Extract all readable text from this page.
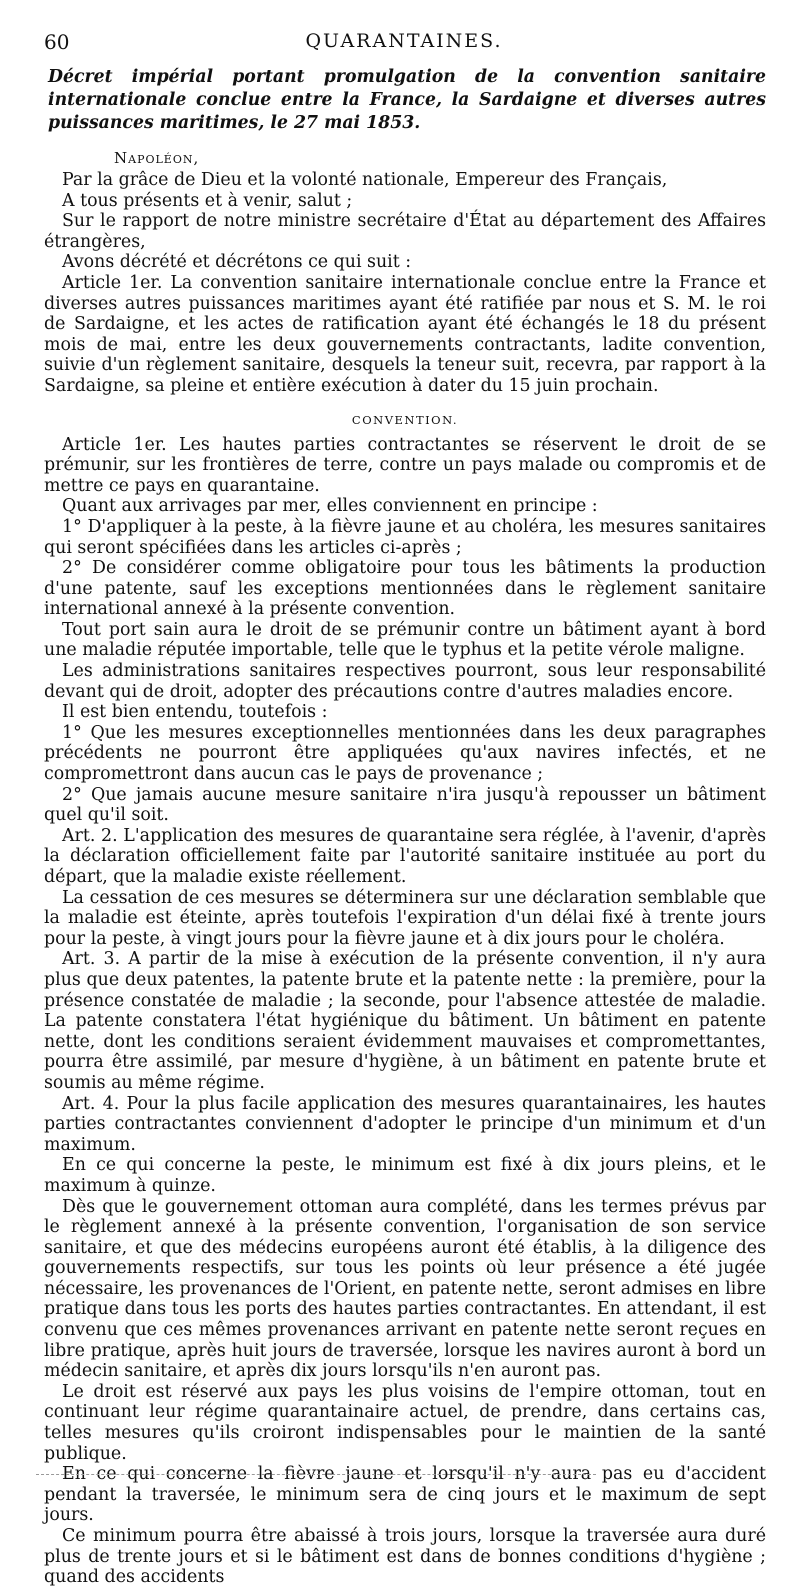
60	QUARANTAINES.
Décret impérial portant promulgation de la convention sanitaire internationale conclue entre la France, la Sardaigne et diverses autres puissances maritimes, le 27 mai 1853.
Napoléon,

Par la grâce de Dieu et la volonté nationale, Empereur des Français,

A tous présents et à venir, salut ;

Sur le rapport de notre ministre secrétaire d'État au département des Affaires étrangères,

Avons décrété et décrétons ce qui suit :

Article 1er. La convention sanitaire internationale conclue entre la France et diverses autres puissances maritimes ayant été ratifiée par nous et S. M. le roi de Sardaigne, et les actes de ratification ayant été échangés le 18 du présent mois de mai, entre les deux gouvernements contractants, ladite convention, suivie d'un règlement sanitaire, desquels la teneur suit, recevra, par rapport à la Sardaigne, sa pleine et entière exécution à dater du 15 juin prochain.

CONVENTION.

Article 1er. Les hautes parties contractantes se réservent le droit de se prémunir, sur les frontières de terre, contre un pays malade ou compromis et de mettre ce pays en quarantaine.

Quant aux arrivages par mer, elles conviennent en principe :

1° D'appliquer à la peste, à la fièvre jaune et au choléra, les mesures sanitaires qui seront spécifiées dans les articles ci-après ;

2° De considérer comme obligatoire pour tous les bâtiments la production d'une patente, sauf les exceptions mentionnées dans le règlement sanitaire international annexé à la présente convention.

Tout port sain aura le droit de se prémunir contre un bâtiment ayant à bord une maladie réputée importable, telle que le typhus et la petite vérole maligne.

Les administrations sanitaires respectives pourront, sous leur responsabilité devant qui de droit, adopter des précautions contre d'autres maladies encore.

Il est bien entendu, toutefois :

1° Que les mesures exceptionnelles mentionnées dans les deux paragraphes précédents ne pourront être appliquées qu'aux navires infectés, et ne compromettront dans aucun cas le pays de provenance ;

2° Que jamais aucune mesure sanitaire n'ira jusqu'à repousser un bâtiment quel qu'il soit.

Art. 2. L'application des mesures de quarantaine sera réglée, à l'avenir, d'après la déclaration officiellement faite par l'autorité sanitaire instituée au port du départ, que la maladie existe réellement.

La cessation de ces mesures se déterminera sur une déclaration semblable que la maladie est éteinte, après toutefois l'expiration d'un délai fixé à trente jours pour la peste, à vingt jours pour la fièvre jaune et à dix jours pour le choléra.

Art. 3. A partir de la mise à exécution de la présente convention, il n'y aura plus que deux patentes, la patente brute et la patente nette : la première, pour la présence constatée de maladie ; la seconde, pour l'absence attestée de maladie. La patente constatera l'état hygiénique du bâtiment. Un bâtiment en patente nette, dont les conditions seraient évidemment mauvaises et compromettantes, pourra être assimilé, par mesure d'hygiène, à un bâtiment en patente brute et soumis au même régime.

Art. 4. Pour la plus facile application des mesures quarantainaires, les hautes parties contractantes conviennent d'adopter le principe d'un minimum et d'un maximum.

En ce qui concerne la peste, le minimum est fixé à dix jours pleins, et le maximum à quinze.

Dès que le gouvernement ottoman aura complété, dans les termes prévus par le règlement annexé à la présente convention, l'organisation de son service sanitaire, et que des médecins européens auront été établis, à la diligence des gouvernements respectifs, sur tous les points où leur présence a été jugée nécessaire, les provenances de l'Orient, en patente nette, seront admises en libre pratique dans tous les ports des hautes parties contractantes. En attendant, il est convenu que ces mêmes provenances arrivant en patente nette seront reçues en libre pratique, après huit jours de traversée, lorsque les navires auront à bord un médecin sanitaire, et après dix jours lorsqu'ils n'en auront pas.

Le droit est réservé aux pays les plus voisins de l'empire ottoman, tout en continuant leur régime quarantainaire actuel, de prendre, dans certains cas, telles mesures qu'ils croiront indispensables pour le maintien de la santé publique.

En ce qui concerne la fièvre jaune et lorsqu'il n'y aura pas eu d'accident pendant la traversée, le minimum sera de cinq jours et le maximum de sept jours.

Ce minimum pourra être abaissé à trois jours, lorsque la traversée aura duré plus de trente jours et si le bâtiment est dans de bonnes conditions d'hygiène ; quand des accidents
